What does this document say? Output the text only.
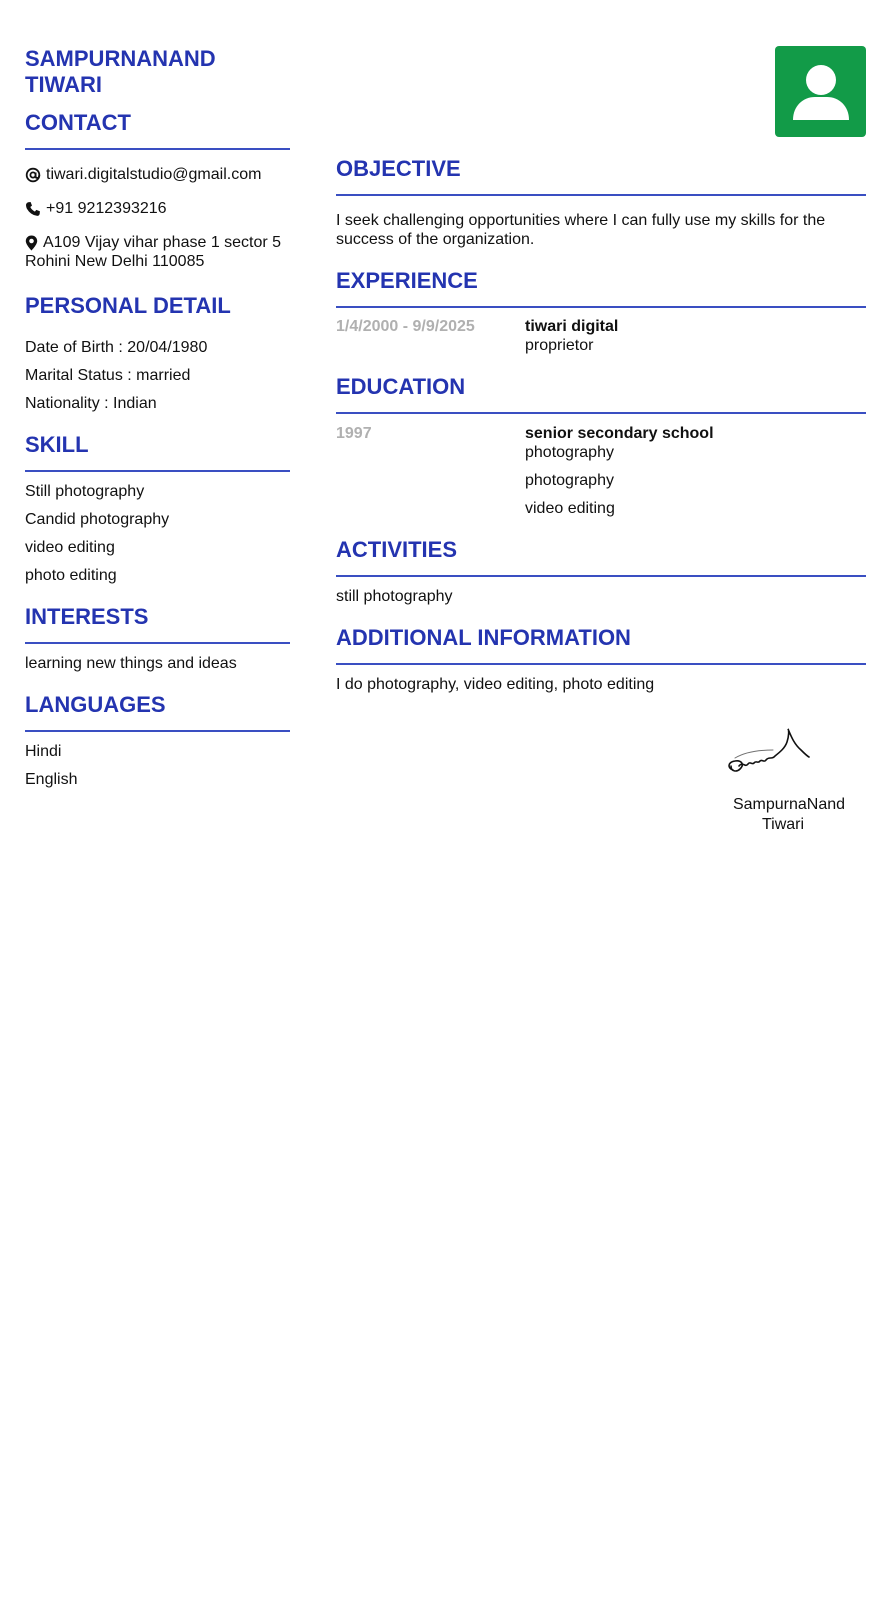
SAMPURNANAND
TIWARI
CONTACT
tiwari.digitalstudio@gmail.com
+91 9212393216
A109 Vijay vihar phase 1 sector 5
Rohini New Delhi 110085
PERSONAL DETAIL
Date of Birth : 20/04/1980
Marital Status : married
Nationality : Indian
SKILL
Still photography
Candid photography
video editing
photo editing
INTERESTS
learning new things and ideas
LANGUAGES
Hindi
English
OBJECTIVE
I seek challenging opportunities where I can fully use my skills for the
success of the organization.
EXPERIENCE
1/4/2000 - 9/9/2025	tiwari digital
proprietor
EDUCATION
1997	senior secondary school
photography
photography
video editing
ACTIVITIES
still photography
ADDITIONAL INFORMATION
I do photography, video editing, photo editing
SampurnaNand
Tiwari
